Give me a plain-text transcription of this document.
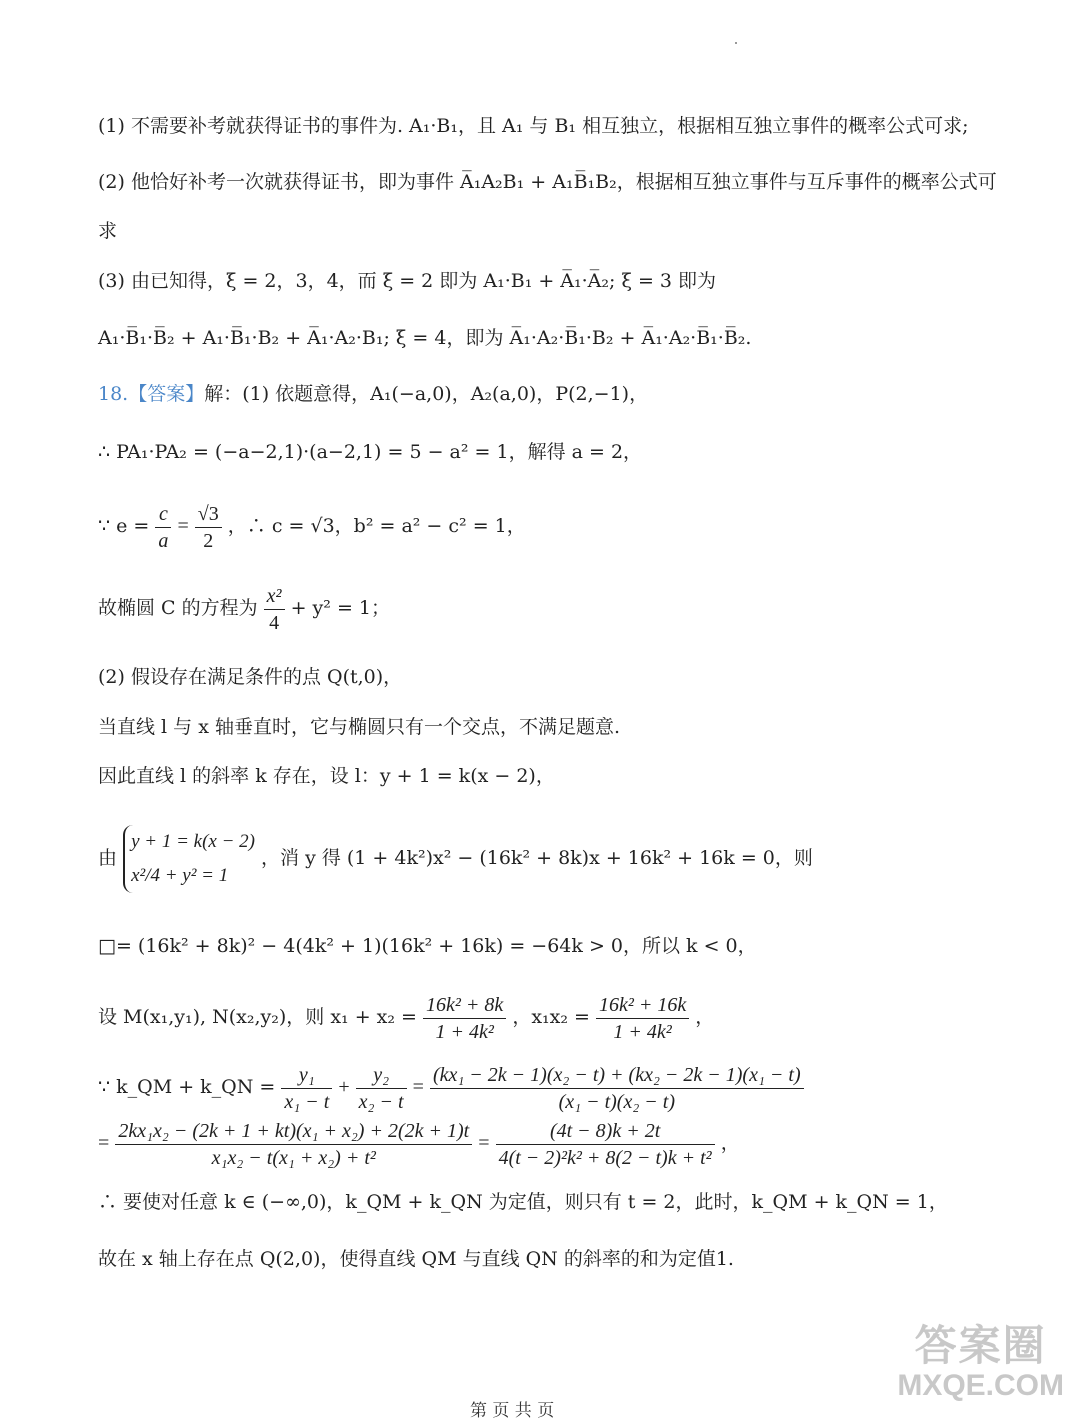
(1) 不需要补考就获得证书的事件为. A₁·B₁，且 A₁ 与 B₁ 相互独立，根据相互独立事件的概率公式可求;
(2) 他恰好补考一次就获得证书，即为事件 A̅₁A₂B₁ + A₁B̅₁B₂，根据相互独立事件与互斥事件的概率公式可
求
(3) 由已知得，ξ = 2，3，4，而 ξ = 2 即为 A₁·B₁ + A̅₁·A̅₂; ξ = 3 即为
A₁·B̅₁·B̅₂ + A₁·B̅₁·B₂ + A̅₁·A₂·B₁; ξ = 4，即为 A̅₁·A₂·B̅₁·B₂ + A̅₁·A₂·B̅₁·B̅₂.
18.【答案】解：(1) 依题意得，A₁(−a,0)，A₂(a,0)，P(2,−1)，
∴ PA₁·PA₂ = (−a−2,1)·(a−2,1) = 5 − a² = 1，解得 a = 2，
∵ $e = \frac{c}{a} = \frac{√3}{2}$ ，∴ c = √3，b² = a² − c² = 1，
故椭圆 C 的方程为 $\frac{\text{x²}}{4} + y^2 = 1$；
(2) 假设存在满足条件的点 Q(t,0)，
当直线 l 与 x 轴垂直时，它与椭圆只有一个交点，不满足题意.
因此直线 l 的斜率 k 存在，设 l：y + 1 = k(x − 2)，
由
y + 1 = k(x − 2)
x²/4 + y² = 1
，消 y 得 (1 + 4k²)x² − (16k² + 8k)x + 16k² + 16k = 0，则
□= (16k² + 8k)² − 4(4k² + 1)(16k² + 16k) = −64k > 0，所以 k < 0，
设 M(x₁,y₁), N(x₂,y₂)，则 $x_1 + x_2 = \frac{\text{16k² + 8k}}{\text{1 + 4k²}}$ ，$x_1x_2 = \frac{\text{16k² + 16k}}{\text{1 + 4k²}}$ ，
∵ k_QM + k_QN = $\frac{\text{y₁}}{\text{x₁ − t}} + \frac{\text{y₂}}{\text{x₂ − t}} = \frac{\text{(kx₁ − 2k − 1)(x₂ − t) + (kx₂ − 2k − 1)(x₁ − t)}}{\text{(x₁ − t)(x₂ − t)}}$
= $\frac{\text{2kx₁x₂ − (2k + 1 + kt)(x₁ + x₂) + 2(2k + 1)t}}{\text{x₁x₂ − t(x₁ + x₂) + t²}} = \frac{(4t - 8)k + 2t}{\text{4(t − 2)²k² + 8(2 − t)k + t²}}$ ，
∴ 要使对任意 k ∈ (−∞,0)，k_QM + k_QN 为定值，则只有 t = 2，此时，k_QM + k_QN = 1，
故在 x 轴上存在点 Q(2,0)，使得直线 QM 与直线 QN 的斜率的和为定值1.
第 页 共 页
答案圈
MXQE.COM
